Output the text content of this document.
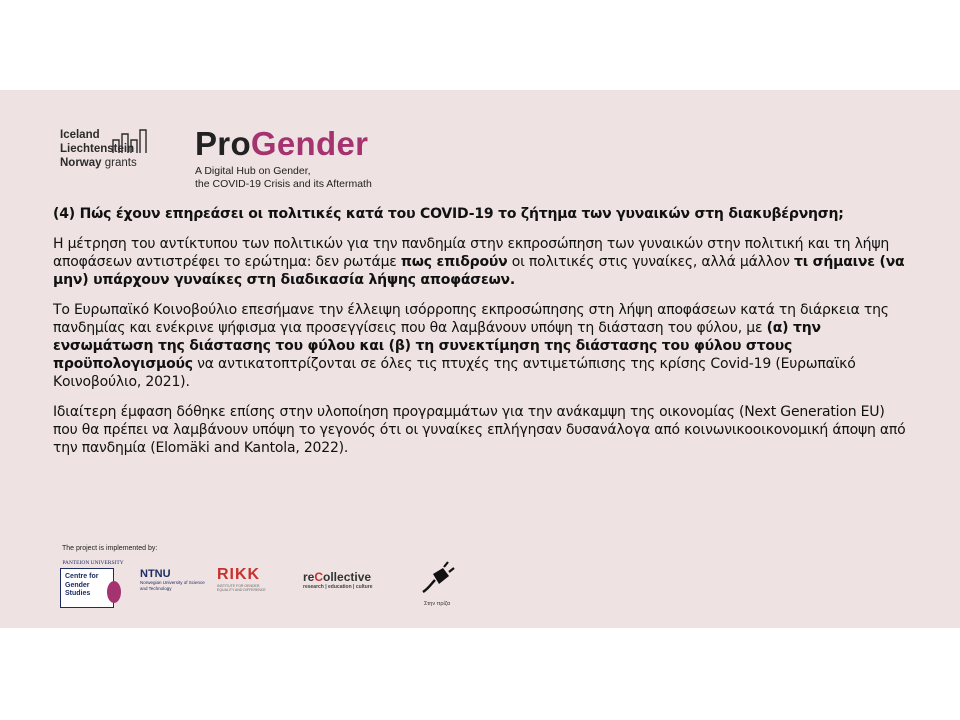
Iceland
Liechtenstein
Norway grants
ProGender
A Digital Hub on Gender,
the COVID-19 Crisis and its Aftermath

(4) Πώς έχουν επηρεάσει οι πολιτικές κατά του COVID-19 το ζήτημα των γυναικών στη διακυβέρνηση;

Η μέτρηση του αντίκτυπου των πολιτικών για την πανδημία στην εκπροσώπηση των γυναικών στην πολιτική και τη λήψη αποφάσεων αντιστρέφει το ερώτημα: δεν ρωτάμε πως επιδρούν οι πολιτικές στις γυναίκες, αλλά μάλλον τι σήμαινε (να μην) υπάρχουν γυναίκες στη διαδικασία λήψης αποφάσεων.

Το Ευρωπαϊκό Κοινοβούλιο επεσήμανε την έλλειψη ισόρροπης εκπροσώπησης στη λήψη αποφάσεων κατά τη διάρκεια της πανδημίας και ενέκρινε ψήφισμα για προσεγγίσεις που θα λαμβάνουν υπόψη τη διάσταση του φύλου, με (α) την ενσωμάτωση της διάστασης του φύλου και (β) τη συνεκτίμηση της διάστασης του φύλου στους προϋπολογισμούς να αντικατοπτρίζονται σε όλες τις πτυχές της αντιμετώπισης της κρίσης Covid-19 (Ευρωπαϊκό Κοινοβούλιο, 2021).

Ιδιαίτερη έμφαση δόθηκε επίσης στην υλοποίηση προγραμμάτων για την ανάκαμψη της οικονομίας (Next Generation EU) που θα πρέπει να λαμβάνουν υπόψη το γεγονός ότι οι γυναίκες επλήγησαν δυσανάλογα από κοινωνικοοικονομική άποψη από την πανδημία (Elomäki and Kantola, 2022).

The project is implemented by:
PANTEION UNIVERSITY
Centre for Gender Studies
NTNU
Norwegian University of Science and Technology
RIKK
INSTITUTE FOR GENDER, EQUALITY AND DIFFERENCE
reCollective
research | education | culture
Στην πρίζα
